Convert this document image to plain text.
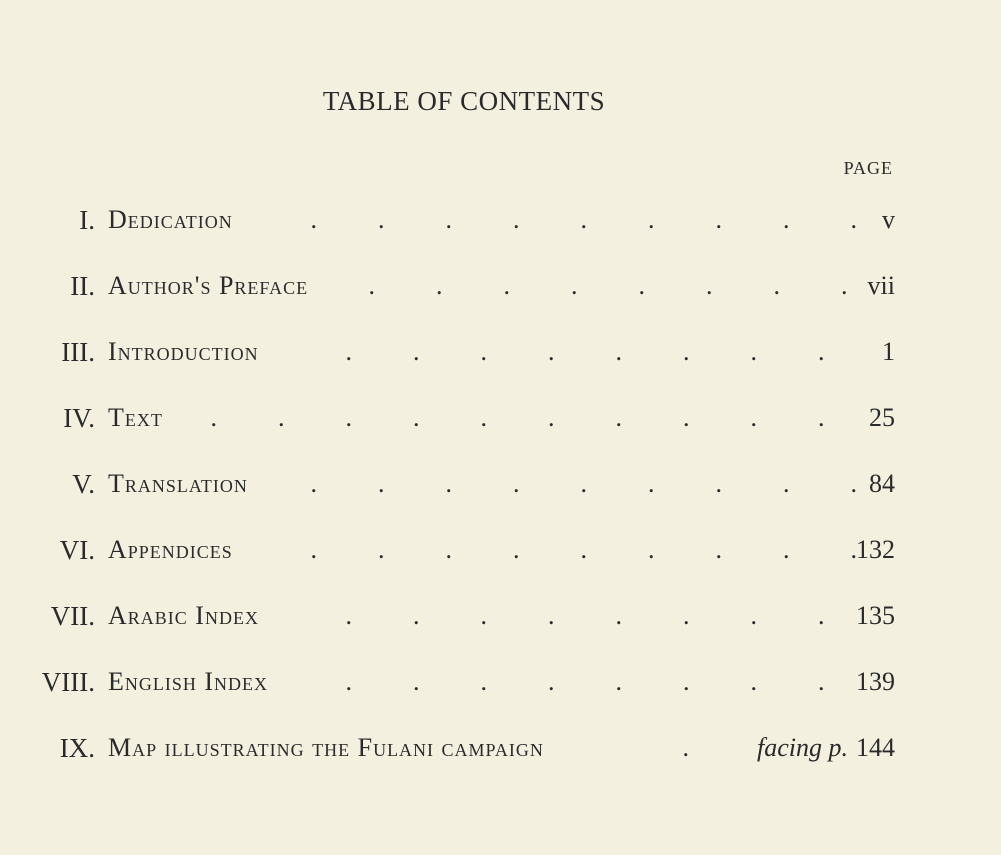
TABLE OF CONTENTS
PAGE
I. Dedication	. . . . . . . . . v
II. Author's Preface	. . . . . . . . vii
III. Introduction	. . . . . . . .	1
IV. Text	. . . . . . . . . .	25
V. Translation	. . . . . . . . . 84
VI. Appendices	. . . . . . . . . 132
VII. Arabic Index	. . . . . . . .	135
VIII. English Index	. . . . . . . .	139
IX. Map illustrating the Fulani campaign	.	facing p. 144
